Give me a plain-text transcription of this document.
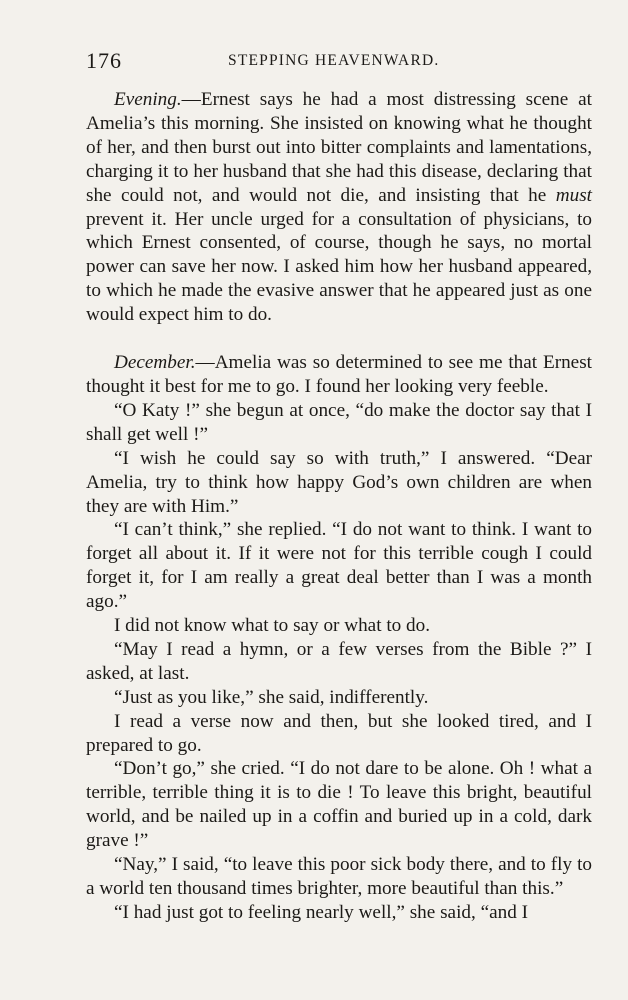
176	STEPPING HEAVENWARD.

Evening.—Ernest says he had a most distressing scene at Amelia’s this morning. She insisted on knowing what he thought of her, and then burst out into bitter complaints and lamentations, charging it to her husband that she had this disease, declaring that she could not, and would not die, and insisting that he must prevent it. Her uncle urged for a consultation of physicians, to which Ernest consented, of course, though he says, no mortal power can save her now. I asked him how her husband appeared, to which he made the evasive answer that he appeared just as one would expect him to do.

December.—Amelia was so determined to see me that Ernest thought it best for me to go. I found her looking very feeble.

“O Katy !” she begun at once, “do make the doctor say that I shall get well !”

“I wish he could say so with truth,” I answered. “Dear Amelia, try to think how happy God’s own children are when they are with Him.”

“I can’t think,” she replied. “I do not want to think. I want to forget all about it. If it were not for this terrible cough I could forget it, for I am really a great deal better than I was a month ago.”

I did not know what to say or what to do.

“May I read a hymn, or a few verses from the Bible ?” I asked, at last.

“Just as you like,” she said, indifferently.

I read a verse now and then, but she looked tired, and I prepared to go.

“Don’t go,” she cried. “I do not dare to be alone. Oh ! what a terrible, terrible thing it is to die ! To leave this bright, beautiful world, and be nailed up in a coffin and buried up in a cold, dark grave !”

“Nay,” I said, “to leave this poor sick body there, and to fly to a world ten thousand times brighter, more beautiful than this.”

“I had just got to feeling nearly well,” she said, “and I
